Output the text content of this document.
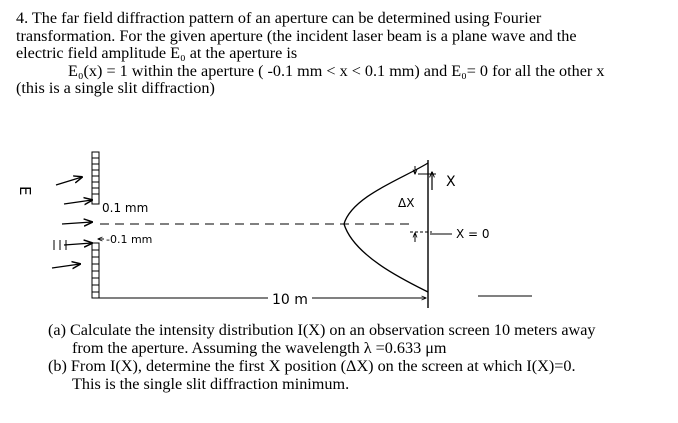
4. The far field diffraction pattern of an aperture can be determined using Fourier
transformation. For the given aperture (the incident laser beam is a plane wave and the
electric field amplitude E₀ at the aperture is
E₀(x) = 1 within the aperture ( -0.1 mm < x < 0.1 mm) and E₀= 0 for all the other x
(this is a single slit diffraction)
E
0.1 mm
-0.1 mm
ΔX
X
X = 0
10 m
(a) Calculate the intensity distribution I(X) on an observation screen 10 meters away
from the aperture. Assuming the wavelength λ =0.633 μm
(b) From I(X), determine the first X position (ΔX) on the screen at which I(X)=0.
This is the single slit diffraction minimum.
